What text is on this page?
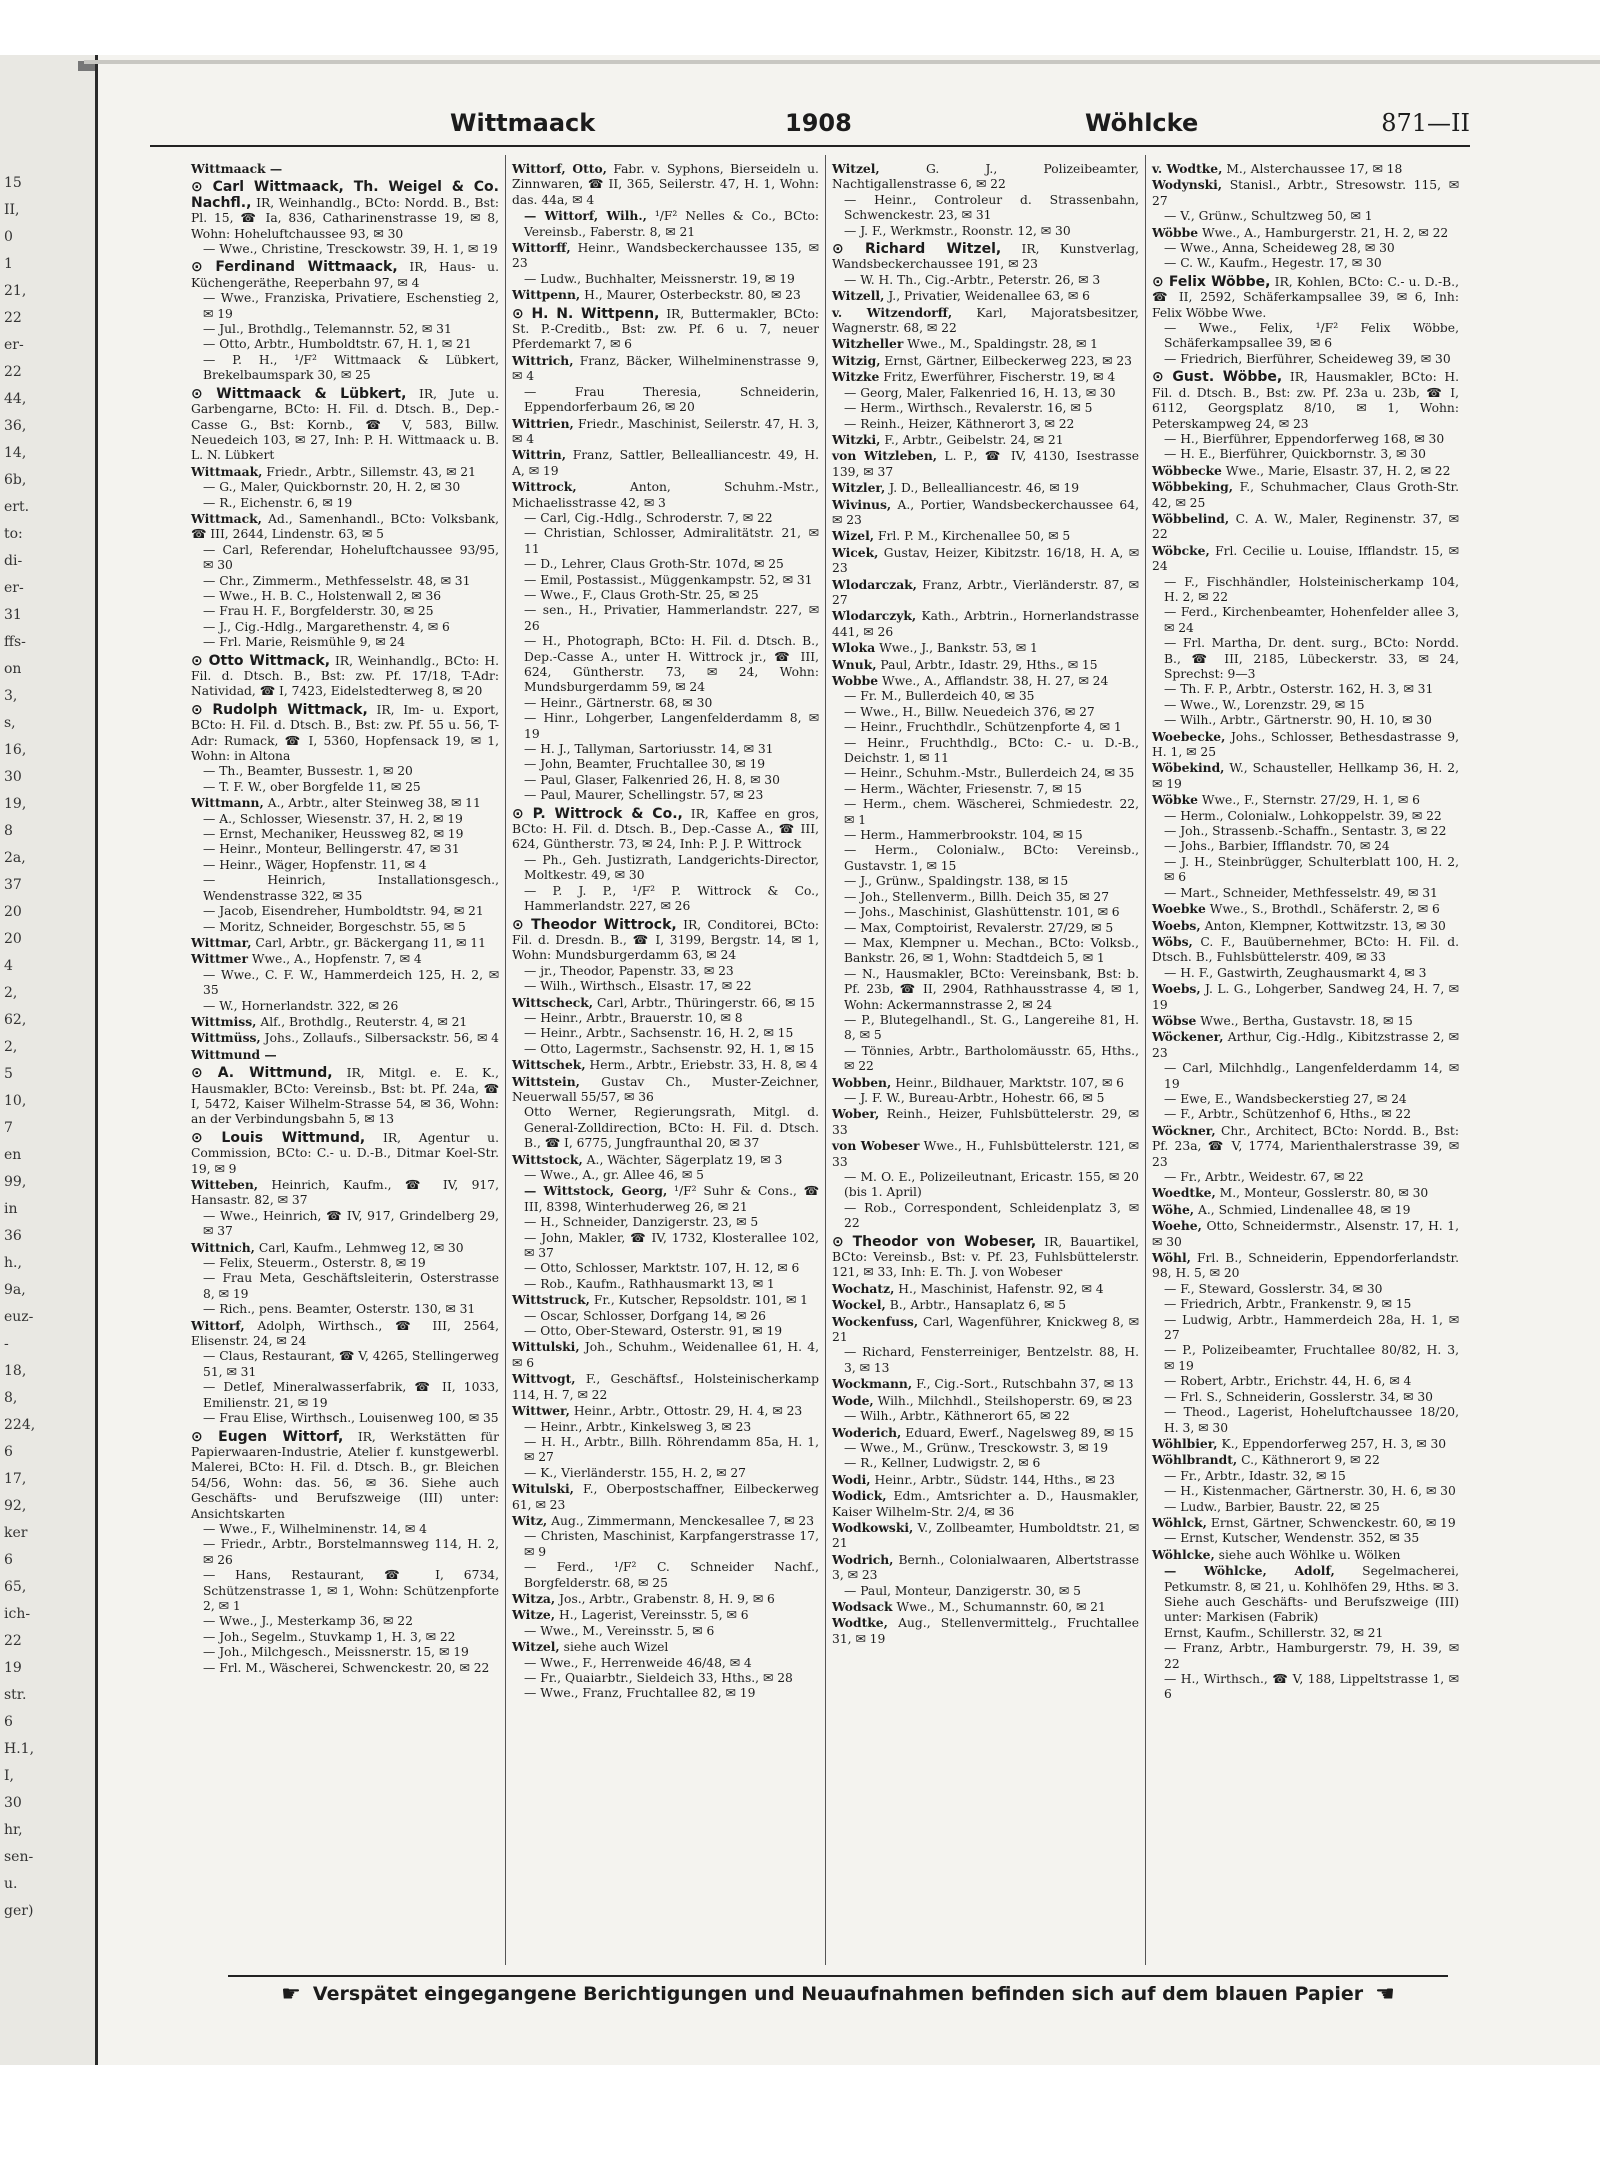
15
II,
0
1
21,
22
er-
22
44,
36,
14,
6b,
ert.
to:
di-
er-
31
ffs-
on
3,
s,
16,
30
19,
8
2a,
37
20
20
4
2,
62,
2,
5
10,
7
en
99,
in
36
h.,
9a,
euz-
-
18,
8,
224,
6
17,
92,
ker
6
65,
ich-
22
19
str.
6
H.1,
I,
30
hr,
sen-
u.
ger)
Wittmaack	1908	Wöhlcke	871—II

Wittmaack —

⊙ Carl Wittmaack, Th. Weigel & Co. Nachfl., IR, Weinhandlg., BCto: Nordd. B., Bst: Pl. 15, ☎ Ia, 836, Catharinenstrasse 19, ✉ 8, Wohn: Hoheluftchaussee 93, ✉ 30

— Wwe., Christine, Tresckowstr. 39, H. 1, ✉ 19

⊙ Ferdinand Wittmaack, IR, Haus- u. Küchengeräthe, Reeperbahn 97, ✉ 4

— Wwe., Franziska, Privatiere, Eschenstieg 2, ✉ 19

— Jul., Brothdlg., Telemannstr. 52, ✉ 31

— Otto, Arbtr., Humboldtstr. 67, H. 1, ✉ 21

— P. H., ¹/F² Wittmaack & Lübkert, Brekelbaumspark 30, ✉ 25

⊙ Wittmaack & Lübkert, IR, Jute u. Garbengarne, BCto: H. Fil. d. Dtsch. B., Dep.-Casse G., Bst: Kornb., ☎ V, 583, Billw. Neuedeich 103, ✉ 27, Inh: P. H. Wittmaack u. B. L. N. Lübkert

Wittmaak, Friedr., Arbtr., Sillemstr. 43, ✉ 21

— G., Maler, Quickbornstr. 20, H. 2, ✉ 30

— R., Eichenstr. 6, ✉ 19

Wittmack, Ad., Samenhandl., BCto: Volksbank, ☎ III, 2644, Lindenstr. 63, ✉ 5

— Carl, Referendar, Hoheluftchaussee 93/95, ✉ 30

— Chr., Zimmerm., Methfesselstr. 48, ✉ 31

— Wwe., H. B. C., Holstenwall 2, ✉ 36

— Frau H. F., Borgfelderstr. 30, ✉ 25

— J., Cig.-Hdlg., Margarethenstr. 4, ✉ 6

— Frl. Marie, Reismühle 9, ✉ 24

⊙ Otto Wittmack, IR, Weinhandlg., BCto: H. Fil. d. Dtsch. B., Bst: zw. Pf. 17/18, T-Adr: Natividad, ☎ I, 7423, Eidelstedterweg 8, ✉ 20

⊙ Rudolph Wittmack, IR, Im- u. Export, BCto: H. Fil. d. Dtsch. B., Bst: zw. Pf. 55 u. 56, T-Adr: Rumack, ☎ I, 5360, Hopfensack 19, ✉ 1, Wohn: in Altona

— Th., Beamter, Bussestr. 1, ✉ 20

— T. F. W., ober Borgfelde 11, ✉ 25

Wittmann, A., Arbtr., alter Steinweg 38, ✉ 11

— A., Schlosser, Wiesenstr. 37, H. 2, ✉ 19

— Ernst, Mechaniker, Heussweg 82, ✉ 19

— Heinr., Monteur, Bellingerstr. 47, ✉ 31

— Heinr., Wäger, Hopfenstr. 11, ✉ 4

— Heinrich, Installationsgesch., Wendenstrasse 322, ✉ 35

— Jacob, Eisendreher, Humboldtstr. 94, ✉ 21

— Moritz, Schneider, Borgeschstr. 55, ✉ 5

Wittmar, Carl, Arbtr., gr. Bäckergang 11, ✉ 11

Wittmer Wwe., A., Hopfenstr. 7, ✉ 4

— Wwe., C. F. W., Hammerdeich 125, H. 2, ✉ 35

— W., Hornerlandstr. 322, ✉ 26

Wittmiss, Alf., Brothdlg., Reuterstr. 4, ✉ 21

Wittmüss, Johs., Zollaufs., Silbersackstr. 56, ✉ 4

Wittmund —

⊙ A. Wittmund, IR, Mitgl. e. E. K., Hausmakler, BCto: Vereinsb., Bst: bt. Pf. 24a, ☎ I, 5472, Kaiser Wilhelm-Strasse 54, ✉ 36, Wohn: an der Verbindungsbahn 5, ✉ 13

⊙ Louis Wittmund, IR, Agentur u. Commission, BCto: C.- u. D.-B., Ditmar Koel-Str. 19, ✉ 9

Witteben, Heinrich, Kaufm., ☎ IV, 917, Hansastr. 82, ✉ 37

— Wwe., Heinrich, ☎ IV, 917, Grindelberg 29, ✉ 37

Wittnich, Carl, Kaufm., Lehmweg 12, ✉ 30

— Felix, Steuerm., Osterstr. 8, ✉ 19

— Frau Meta, Geschäftsleiterin, Osterstrasse 8, ✉ 19

— Rich., pens. Beamter, Osterstr. 130, ✉ 31

Wittorf, Adolph, Wirthsch., ☎ III, 2564, Elisenstr. 24, ✉ 24

— Claus, Restaurant, ☎ V, 4265, Stellingerweg 51, ✉ 31

— Detlef, Mineralwasserfabrik, ☎ II, 1033, Emilienstr. 21, ✉ 19

— Frau Elise, Wirthsch., Louisenweg 100, ✉ 35

⊙ Eugen Wittorf, IR, Werkstätten für Papierwaaren-Industrie, Atelier f. kunstgewerbl. Malerei, BCto: H. Fil. d. Dtsch. B., gr. Bleichen 54/56, Wohn: das. 56, ✉ 36. Siehe auch Geschäfts- und Berufszweige (III) unter: Ansichtskarten

— Wwe., F., Wilhelminenstr. 14, ✉ 4

— Friedr., Arbtr., Borstelmannsweg 114, H. 2, ✉ 26

— Hans, Restaurant, ☎ I, 6734, Schützenstrasse 1, ✉ 1, Wohn: Schützenpforte 2, ✉ 1

— Wwe., J., Mesterkamp 36, ✉ 22

— Joh., Segelm., Stuvkamp 1, H. 3, ✉ 22

— Joh., Milchgesch., Meissnerstr. 15, ✉ 19

— Frl. M., Wäscherei, Schwenckestr. 20, ✉ 22

Wittorf, Otto, Fabr. v. Syphons, Bierseideln u. Zinnwaren, ☎ II, 365, Seilerstr. 47, H. 1, Wohn: das. 44a, ✉ 4

— Wittorf, Wilh., ¹/F² Nelles & Co., BCto: Vereinsb., Faberstr. 8, ✉ 21

Wittorff, Heinr., Wandsbeckerchaussee 135, ✉ 23

— Ludw., Buchhalter, Meissnerstr. 19, ✉ 19

Wittpenn, H., Maurer, Osterbeckstr. 80, ✉ 23

⊙ H. N. Wittpenn, IR, Buttermakler, BCto: St. P.-Creditb., Bst: zw. Pf. 6 u. 7, neuer Pferdemarkt 7, ✉ 6

Wittrich, Franz, Bäcker, Wilhelminenstrasse 9, ✉ 4

— Frau Theresia, Schneiderin, Eppendorferbaum 26, ✉ 20

Wittrien, Friedr., Maschinist, Seilerstr. 47, H. 3, ✉ 4

Wittrin, Franz, Sattler, Bellealliancestr. 49, H. A, ✉ 19

Wittrock,	Anton, Schuhm.-Mstr., Michaelisstrasse 42, ✉ 3

— Carl, Cig.-Hdlg., Schroderstr. 7, ✉ 22

— Christian, Schlosser, Admiralitätstr. 21, ✉ 11

— D., Lehrer, Claus Groth-Str. 107d, ✉ 25

— Emil, Postassist., Müggenkampstr. 52, ✉ 31

— Wwe., F., Claus Groth-Str. 25, ✉ 25

— sen., H., Privatier, Hammerlandstr. 227, ✉ 26

— H., Photograph, BCto: H. Fil. d. Dtsch. B., Dep.-Casse A., unter H. Wittrock jr., ☎ III, 624, Güntherstr. 73, ✉ 24, Wohn: Mundsburgerdamm 59, ✉ 24

— Heinr., Gärtnerstr. 68, ✉ 30

— Hinr., Lohgerber, Langenfelderdamm 8, ✉ 19

— H. J., Tallyman, Sartoriusstr. 14, ✉ 31

— John, Beamter, Fruchtallee 30, ✉ 19

— Paul, Glaser, Falkenried 26, H. 8, ✉ 30

— Paul, Maurer, Schellingstr. 57, ✉ 23

⊙ P. Wittrock & Co., IR, Kaffee en gros, BCto: H. Fil. d. Dtsch. B., Dep.-Casse A., ☎ III, 624, Güntherstr. 73, ✉ 24, Inh: P. J. P. Wittrock

— Ph., Geh. Justizrath, Landgerichts-Director, Moltkestr. 49, ✉ 30

— P. J. P., ¹/F² P. Wittrock & Co., Hammerlandstr. 227, ✉ 26

⊙ Theodor Wittrock, IR, Conditorei, BCto: Fil. d. Dresdn. B., ☎ I, 3199, Bergstr. 14, ✉ 1, Wohn: Mundsburgerdamm 63, ✉ 24

— jr., Theodor, Papenstr. 33, ✉ 23

— Wilh., Wirthsch., Elsastr. 17, ✉ 22

Wittscheck, Carl, Arbtr., Thüringerstr. 66, ✉ 15

— Heinr., Arbtr., Brauerstr. 10, ✉ 8

— Heinr., Arbtr., Sachsenstr. 16, H. 2, ✉ 15

— Otto, Lagermstr., Sachsenstr. 92, H. 1, ✉ 15

Wittschek, Herm., Arbtr., Eriebstr. 33, H. 8, ✉ 4

Wittstein, Gustav Ch., Muster-Zeichner, Neuerwall 55/57, ✉ 36

Otto Werner, Regierungsrath, Mitgl. d. General-Zolldirection, BCto: H. Fil. d. Dtsch. B., ☎ I, 6775, Jungfraunthal 20, ✉ 37

Wittstock, A., Wächter, Sägerplatz 19, ✉ 3

— Wwe., A., gr. Allee 46, ✉ 5

— Wittstock, Georg, ¹/F² Suhr & Cons., ☎ III, 8398, Winterhuderweg 26, ✉ 21

— H., Schneider, Danzigerstr. 23, ✉ 5

— John, Makler, ☎ IV, 1732, Klosterallee 102, ✉ 37

— Otto, Schlosser, Marktstr. 107, H. 12, ✉ 6

— Rob., Kaufm., Rathhausmarkt 13, ✉ 1

Wittstruck, Fr., Kutscher, Repsoldstr. 101, ✉ 1

— Oscar, Schlosser, Dorfgang 14, ✉ 26

— Otto, Ober-Steward, Osterstr. 91, ✉ 19

Wittulski, Joh., Schuhm., Weidenallee 61, H. 4, ✉ 6

Wittvogt, F., Geschäftsf., Holsteinischerkamp 114, H. 7, ✉ 22

Wittwer, Heinr., Arbtr., Ottostr. 29, H. 4, ✉ 23

— Heinr., Arbtr., Kinkelsweg 3, ✉ 23

— H. H., Arbtr., Billh. Röhrendamm 85a, H. 1, ✉ 27

— K., Vierländerstr. 155, H. 2, ✉ 27

Witulski, F., Oberpostschaffner, Eilbeckerweg 61, ✉ 23

Witz, Aug., Zimmermann, Menckesallee 7, ✉ 23

— Christen, Maschinist, Karpfangerstrasse 17, ✉ 9

— Ferd., ¹/F² C. Schneider Nachf., Borgfelderstr. 68, ✉ 25

Witza, Jos., Arbtr., Grabenstr. 8, H. 9, ✉ 6

Witze, H., Lagerist, Vereinsstr. 5, ✉ 6

— Wwe., M., Vereinsstr. 5, ✉ 6

Witzel, siehe auch Wizel

— Wwe., F., Herrenweide 46/48, ✉ 4

— Fr., Quaiarbtr., Sieldeich 33, Hths., ✉ 28

— Wwe., Franz, Fruchtallee 82, ✉ 19

Witzel,	G. J., Polizeibeamter, Nachtigallenstrasse 6, ✉ 22

— Heinr., Controleur d. Strassenbahn, Schwenckestr. 23, ✉ 31

— J. F., Werkmstr., Roonstr. 12, ✉ 30

⊙ Richard Witzel, IR, Kunstverlag, Wandsbeckerchaussee 191, ✉ 23

— W. H. Th., Cig.-Arbtr., Peterstr. 26, ✉ 3

Witzell, J., Privatier, Weidenallee 63, ✉ 6

v. Witzendorff, Karl, Majoratsbesitzer, Wagnerstr. 68, ✉ 22

Witzheller Wwe., M., Spaldingstr. 28, ✉ 1

Witzig, Ernst, Gärtner, Eilbeckerweg 223, ✉ 23

Witzke Fritz, Ewerführer, Fischerstr. 19, ✉ 4

— Georg, Maler, Falkenried 16, H. 13, ✉ 30

— Herm., Wirthsch., Revalerstr. 16, ✉ 5

— Reinh., Heizer, Käthnerort 3, ✉ 22

Witzki, F., Arbtr., Geibelstr. 24, ✉ 21

von Witzleben, L. P., ☎ IV, 4130, Isestrasse 139, ✉ 37

Witzler, J. D., Bellealliancestr. 46, ✉ 19

Wivinus, A., Portier, Wandsbeckerchaussee 64, ✉ 23

Wizel, Frl. P. M., Kirchenallee 50, ✉ 5

Wicek, Gustav, Heizer, Kibitzstr. 16/18, H. A, ✉ 23

Wlodarczak, Franz, Arbtr., Vierländerstr. 87, ✉ 27

Wlodarczyk, Kath., Arbtrin., Hornerlandstrasse 441, ✉ 26

Wloka Wwe., J., Bankstr. 53, ✉ 1

Wnuk, Paul, Arbtr., Idastr. 29, Hths., ✉ 15

Wobbe Wwe., A., Afflandstr. 38, H. 27, ✉ 24

— Fr. M., Bullerdeich 40, ✉ 35

— Wwe., H., Billw. Neuedeich 376, ✉ 27

— Heinr., Fruchthdlr., Schützenpforte 4, ✉ 1

— Heinr., Fruchthdlg., BCto: C.- u. D.-B., Deichstr. 1, ✉ 11

— Heinr., Schuhm.-Mstr., Bullerdeich 24, ✉ 35

— Herm., Wächter, Friesenstr. 7, ✉ 15

— Herm., chem. Wäscherei, Schmiedestr. 22, ✉ 1

— Herm., Hammerbrookstr. 104, ✉ 15

— Herm., Colonialw., BCto: Vereinsb., Gustavstr. 1, ✉ 15

— J., Grünw., Spaldingstr. 138, ✉ 15

— Joh., Stellenverm., Billh. Deich 35, ✉ 27

— Johs., Maschinist, Glashüttenstr. 101, ✉ 6

— Max, Comptoirist, Revalerstr. 27/29, ✉ 5

— Max, Klempner u. Mechan., BCto: Volksb., Bankstr. 26, ✉ 1, Wohn: Stadtdeich 5, ✉ 1

— N., Hausmakler, BCto: Vereinsbank, Bst: b. Pf. 23b, ☎ II, 2904, Rathhausstrasse 4, ✉ 1, Wohn: Ackermannstrasse 2, ✉ 24

— P., Blutegelhandl., St. G., Langereihe 81, H. 8, ✉ 5

— Tönnies, Arbtr., Bartholomäusstr. 65, Hths., ✉ 22

Wobben, Heinr., Bildhauer, Marktstr. 107, ✉ 6

— J. F. W., Bureau-Arbtr., Hohestr. 66, ✉ 5

Wober, Reinh., Heizer, Fuhlsbüttelerstr. 29, ✉ 33

von Wobeser Wwe., H., Fuhlsbüttelerstr. 121, ✉ 33

— M. O. E., Polizeileutnant, Ericastr. 155, ✉ 20 (bis 1. April)

— Rob., Correspondent, Schleidenplatz 3, ✉ 22

⊙ Theodor von Wobeser, IR, Bauartikel, BCto: Vereinsb., Bst: v. Pf. 23, Fuhlsbüttelerstr. 121, ✉ 33, Inh: E. Th. J. von Wobeser

Wochatz, H., Maschinist, Hafenstr. 92, ✉ 4

Wockel, B., Arbtr., Hansaplatz 6, ✉ 5

Wockenfuss, Carl, Wagenführer, Knickweg 8, ✉ 21

— Richard, Fensterreiniger, Bentzelstr. 88, H. 3, ✉ 13

Wockmann, F., Cig.-Sort., Rutschbahn 37, ✉ 13

Wode, Wilh., Milchhdl., Steilshoperstr. 69, ✉ 23

— Wilh., Arbtr., Käthnerort 65, ✉ 22

Woderich, Eduard, Ewerf., Nagelsweg 89, ✉ 15

— Wwe., M., Grünw., Tresckowstr. 3, ✉ 19

— R., Kellner, Ludwigstr. 2, ✉ 6

Wodi, Heinr., Arbtr., Südstr. 144, Hths., ✉ 23

Wodick, Edm., Amtsrichter a. D., Hausmakler, Kaiser Wilhelm-Str. 2/4, ✉ 36

Wodkowski, V., Zollbeamter, Humboldtstr. 21, ✉ 21

Wodrich, Bernh., Colonialwaaren, Albertstrasse 3, ✉ 23

— Paul, Monteur, Danzigerstr. 30, ✉ 5

Wodsack Wwe., M., Schumannstr. 60, ✉ 21

Wodtke, Aug., Stellenvermittelg., Fruchtallee 31, ✉ 19

v. Wodtke, M., Alsterchaussee 17, ✉ 18

Wodynski, Stanisl., Arbtr., Stresowstr. 115, ✉ 27

— V., Grünw., Schultzweg 50, ✉ 1

Wöbbe Wwe., A., Hamburgerstr. 21, H. 2, ✉ 22

— Wwe., Anna, Scheideweg 28, ✉ 30

— C. W., Kaufm., Hegestr. 17, ✉ 30

⊙ Felix Wöbbe, IR, Kohlen, BCto: C.- u. D.-B., ☎ II, 2592, Schäferkampsallee 39, ✉ 6, Inh: Felix Wöbbe Wwe.

— Wwe., Felix, ¹/F² Felix Wöbbe, Schäferkampsallee 39, ✉ 6

— Friedrich, Bierführer, Scheideweg 39, ✉ 30

⊙ Gust. Wöbbe, IR, Hausmakler, BCto: H. Fil. d. Dtsch. B., Bst: zw. Pf. 23a u. 23b, ☎ I, 6112, Georgsplatz 8/10, ✉ 1, Wohn: Peterskampweg 24, ✉ 23

— H., Bierführer, Eppendorferweg 168, ✉ 30

— H. E., Bierführer, Quickbornstr. 3, ✉ 30

Wöbbecke Wwe., Marie, Elsastr. 37, H. 2, ✉ 22

Wöbbeking, F., Schuhmacher, Claus Groth-Str. 42, ✉ 25

Wöbbelind, C. A. W., Maler, Reginenstr. 37, ✉ 22

Wöbcke, Frl. Cecilie u. Louise, Ifflandstr. 15, ✉ 24

— F., Fischhändler, Holsteinischerkamp 104, H. 2, ✉ 22

— Ferd., Kirchenbeamter, Hohenfelder allee 3, ✉ 24

— Frl. Martha, Dr. dent. surg., BCto: Nordd. B., ☎ III, 2185, Lübeckerstr. 33, ✉ 24, Sprechst: 9—3

— Th. F. P., Arbtr., Osterstr. 162, H. 3, ✉ 31

— Wwe., W., Lorenzstr. 29, ✉ 15

— Wilh., Arbtr., Gärtnerstr. 90, H. 10, ✉ 30

Woebecke, Johs., Schlosser, Bethesdastrasse 9, H. 1, ✉ 25

Wöbekind, W., Schausteller, Hellkamp 36, H. 2, ✉ 19

Wöbke Wwe., F., Sternstr. 27/29, H. 1, ✉ 6

— Herm., Colonialw., Lohkoppelstr. 39, ✉ 22

— Joh., Strassenb.-Schaffn., Sentastr. 3, ✉ 22

— Johs., Barbier, Ifflandstr. 70, ✉ 24

— J. H., Steinbrügger, Schulterblatt 100, H. 2, ✉ 6

— Mart., Schneider, Methfesselstr. 49, ✉ 31

Woebke Wwe., S., Brothdl., Schäferstr. 2, ✉ 6

Woebs, Anton, Klempner, Kottwitzstr. 13, ✉ 30

Wöbs, C. F., Bauübernehmer, BCto: H. Fil. d. Dtsch. B., Fuhlsbüttelerstr. 409, ✉ 33

— H. F., Gastwirth, Zeughausmarkt 4, ✉ 3

Woebs, J. L. G., Lohgerber, Sandweg 24, H. 7, ✉ 19

Wöbse Wwe., Bertha, Gustavstr. 18, ✉ 15

Wöckener, Arthur, Cig.-Hdlg., Kibitzstrasse 2, ✉ 23

— Carl, Milchhdlg., Langenfelderdamm 14, ✉ 19

— Ewe, E., Wandsbeckerstieg 27, ✉ 24

— F., Arbtr., Schützenhof 6, Hths., ✉ 22

Wöckner, Chr., Architect, BCto: Nordd. B., Bst: Pf. 23a, ☎ V, 1774, Marienthalerstrasse 39, ✉ 23

— Fr., Arbtr., Weidestr. 67, ✉ 22

Woedtke, M., Monteur, Gosslerstr. 80, ✉ 30

Wöhe, A., Schmied, Lindenallee 48, ✉ 19

Woehe, Otto, Schneidermstr., Alsenstr. 17, H. 1, ✉ 30

Wöhl, Frl. B., Schneiderin, Eppendorferlandstr. 98, H. 5, ✉ 20

— F., Steward, Gosslerstr. 34, ✉ 30

— Friedrich, Arbtr., Frankenstr. 9, ✉ 15

— Ludwig, Arbtr., Hammerdeich 28a, H. 1, ✉ 27

— P., Polizeibeamter, Fruchtallee 80/82, H. 3, ✉ 19

— Robert, Arbtr., Erichstr. 44, H. 6, ✉ 4

— Frl. S., Schneiderin, Gosslerstr. 34, ✉ 30

— Theod., Lagerist, Hoheluftchaussee 18/20, H. 3, ✉ 30

Wöhlbier, K., Eppendorferweg 257, H. 3, ✉ 30

Wöhlbrandt, C., Käthnerort 9, ✉ 22

— Fr., Arbtr., Idastr. 32, ✉ 15

— H., Kistenmacher, Gärtnerstr. 30, H. 6, ✉ 30

— Ludw., Barbier, Baustr. 22, ✉ 25

Wöhlck, Ernst, Gärtner, Schwenckestr. 60, ✉ 19

— Ernst, Kutscher, Wendenstr. 352, ✉ 35

Wöhlcke, siehe auch Wöhlke u. Wölken

— Wöhlcke, Adolf, Segelmacherei, Petkumstr. 8, ✉ 21, u. Kohlhöfen 29, Hths. ✉ 3. Siehe auch Geschäfts- und Berufszweige (III) unter: Markisen (Fabrik)

Ernst, Kaufm., Schillerstr. 32, ✉ 21

— Franz, Arbtr., Hamburgerstr. 79, H. 39, ✉ 22

— H., Wirthsch., ☎ V, 188, Lippeltstrasse 1, ✉ 6

☛ Verspätet eingegangene Berichtigungen und Neuaufnahmen befinden sich auf dem blauen Papier ☚
